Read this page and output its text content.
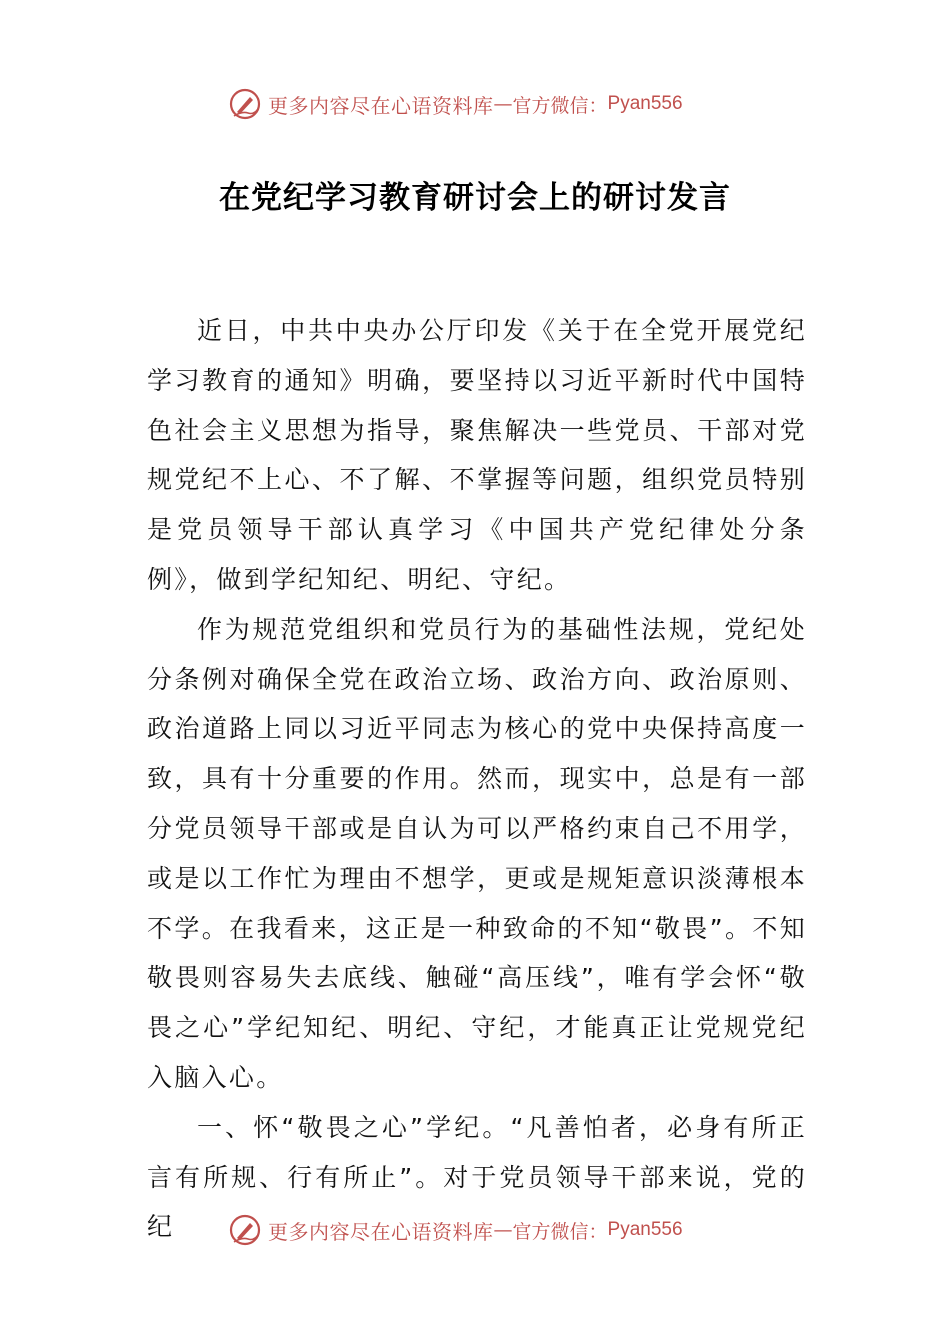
更多内容尽在心语资料库 — 官方微信： Pyan556
在党纪学习教育研讨会上的研讨发言

近日，中共中央办公厅印发《关于在全党开展党纪学习教育的通知》明确，要坚持以习近平新时代中国特色社会主义思想为指导，聚焦解决一些党员、干部对党规党纪不上心、不了解、不掌握等问题，组织党员特别是党员领导干部认真学习《中国共产党纪律处分条例》，做到学纪知纪、明纪、守纪。

作为规范党组织和党员行为的基础性法规，党纪处分条例对确保全党在政治立场、政治方向、政治原则、政治道路上同以习近平同志为核心的党中央保持高度一致，具有十分重要的作用。然而，现实中，总是有一部分党员领导干部或是自认为可以严格约束自己不用学，或是以工作忙为理由不想学，更或是规矩意识淡薄根本不学。在我看来，这正是一种致命的不知“敬畏”。不知敬畏则容易失去底线、触碰“高压线”，唯有学会怀“敬畏之心”学纪知纪、明纪、守纪，才能真正让党规党纪入脑入心。

一、怀“敬畏之心”学纪。“凡善怕者，必身有所正言有所规、行有所止”。对于党员领导干部来说，党的纪	更多内容尽在心语资料库 — 官方微信： Pyan556
